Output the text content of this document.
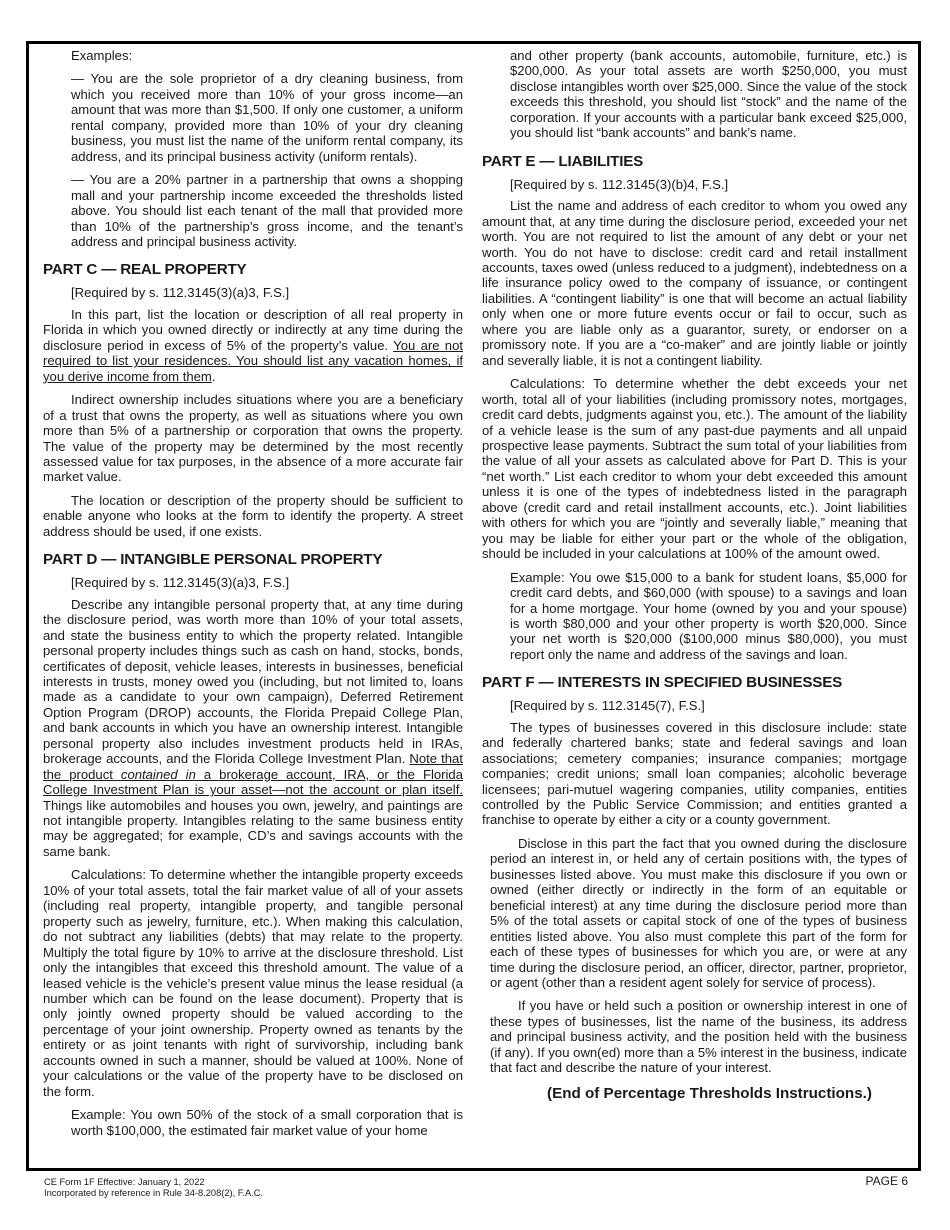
Examples:

— You are the sole proprietor of a dry cleaning business, from which you received more than 10% of your gross income—an amount that was more than $1,500. If only one customer, a uniform rental company, provided more than 10% of your dry cleaning business, you must list the name of the uniform rental company, its address, and its principal business activity (uniform rentals).

— You are a 20% partner in a partnership that owns a shopping mall and your partnership income exceeded the thresholds listed above. You should list each tenant of the mall that provided more than 10% of the partnership’s gross income, and the tenant’s address and principal business activity.

PART C — REAL PROPERTY

[Required by s. 112.3145(3)(a)3, F.S.]

In this part, list the location or description of all real property in Florida in which you owned directly or indirectly at any time during the disclosure period in excess of 5% of the property’s value. You are not required to list your residences. You should list any vacation homes, if you derive income from them.

Indirect ownership includes situations where you are a beneficiary of a trust that owns the property, as well as situations where you own more than 5% of a partnership or corporation that owns the property. The value of the property may be determined by the most recently assessed value for tax purposes, in the absence of a more accurate fair market value.

The location or description of the property should be sufficient to enable anyone who looks at the form to identify the property. A street address should be used, if one exists.

PART D — INTANGIBLE PERSONAL PROPERTY

[Required by s. 112.3145(3)(a)3, F.S.]

Describe any intangible personal property that, at any time during the disclosure period, was worth more than 10% of your total assets, and state the business entity to which the property related. Intangible personal property includes things such as cash on hand, stocks, bonds, certificates of deposit, vehicle leases, interests in businesses, beneficial interests in trusts, money owed you (including, but not limited to, loans made as a candidate to your own campaign), Deferred Retirement Option Program (DROP) accounts, the Florida Prepaid College Plan, and bank accounts in which you have an ownership interest. Intangible personal property also includes investment products held in IRAs, brokerage accounts, and the Florida College Investment Plan. Note that the product contained in a brokerage account, IRA, or the Florida College Investment Plan is your asset—not the account or plan itself. Things like automobiles and houses you own, jewelry, and paintings are not intangible property. Intangibles relating to the same business entity may be aggregated; for example, CD’s and savings accounts with the same bank.

Calculations: To determine whether the intangible property exceeds 10% of your total assets, total the fair market value of all of your assets (including real property, intangible property, and tangible personal property such as jewelry, furniture, etc.). When making this calculation, do not subtract any liabilities (debts) that may relate to the property. Multiply the total figure by 10% to arrive at the disclosure threshold. List only the intangibles that exceed this threshold amount. The value of a leased vehicle is the vehicle’s present value minus the lease residual (a number which can be found on the lease document). Property that is only jointly owned property should be valued according to the percentage of your joint ownership. Property owned as tenants by the entirety or as joint tenants with right of survivorship, including bank accounts owned in such a manner, should be valued at 100%. None of your calculations or the value of the property have to be disclosed on the form.

Example: You own 50% of the stock of a small corporation that is worth $100,000, the estimated fair market value of your home

and other property (bank accounts, automobile, furniture, etc.) is $200,000. As your total assets are worth $250,000, you must disclose intangibles worth over $25,000. Since the value of the stock exceeds this threshold, you should list “stock” and the name of the corporation. If your accounts with a particular bank exceed $25,000, you should list “bank accounts” and bank’s name.

PART E — LIABILITIES

[Required by s. 112.3145(3)(b)4, F.S.]

List the name and address of each creditor to whom you owed any amount that, at any time during the disclosure period, exceeded your net worth. You are not required to list the amount of any debt or your net worth. You do not have to disclose: credit card and retail installment accounts, taxes owed (unless reduced to a judgment), indebtedness on a life insurance policy owed to the company of issuance, or contingent liabilities. A “contingent liability” is one that will become an actual liability only when one or more future events occur or fail to occur, such as where you are liable only as a guarantor, surety, or endorser on a promissory note. If you are a “co-maker” and are jointly liable or jointly and severally liable, it is not a contingent liability.

Calculations: To determine whether the debt exceeds your net worth, total all of your liabilities (including promissory notes, mortgages, credit card debts, judgments against you, etc.). The amount of the liability of a vehicle lease is the sum of any past-due payments and all unpaid prospective lease payments. Subtract the sum total of your liabilities from the value of all your assets as calculated above for Part D. This is your “net worth.” List each creditor to whom your debt exceeded this amount unless it is one of the types of indebtedness listed in the paragraph above (credit card and retail installment accounts, etc.). Joint liabilities with others for which you are “jointly and severally liable,” meaning that you may be liable for either your part or the whole of the obligation, should be included in your calculations at 100% of the amount owed.

Example: You owe $15,000 to a bank for student loans, $5,000 for credit card debts, and $60,000 (with spouse) to a savings and loan for a home mortgage. Your home (owned by you and your spouse) is worth $80,000 and your other property is worth $20,000. Since your net worth is $20,000 ($100,000 minus $80,000), you must report only the name and address of the savings and loan.

PART F — INTERESTS IN SPECIFIED BUSINESSES

[Required by s. 112.3145(7), F.S.]

The types of businesses covered in this disclosure include: state and federally chartered banks; state and federal savings and loan associations; cemetery companies; insurance companies; mortgage companies; credit unions; small loan companies; alcoholic beverage licensees; pari-mutuel wagering companies, utility companies, entities controlled by the Public Service Commission; and entities granted a franchise to operate by either a city or a county government.

Disclose in this part the fact that you owned during the disclosure period an interest in, or held any of certain positions with, the types of businesses listed above. You must make this disclosure if you own or owned (either directly or indirectly in the form of an equitable or beneficial interest) at any time during the disclosure period more than 5% of the total assets or capital stock of one of the types of business entities listed above. You also must complete this part of the form for each of these types of businesses for which you are, or were at any time during the disclosure period, an officer, director, partner, proprietor, or agent (other than a resident agent solely for service of process).

If you have or held such a position or ownership interest in one of these types of businesses, list the name of the business, its address and principal business activity, and the position held with the business (if any). If you own(ed) more than a 5% interest in the business, indicate that fact and describe the nature of your interest.

(End of Percentage Thresholds Instructions.)
CE Form 1F Effective: January 1, 2022
Incorporated by reference in Rule 34-8.208(2), F.A.C.
PAGE 6
